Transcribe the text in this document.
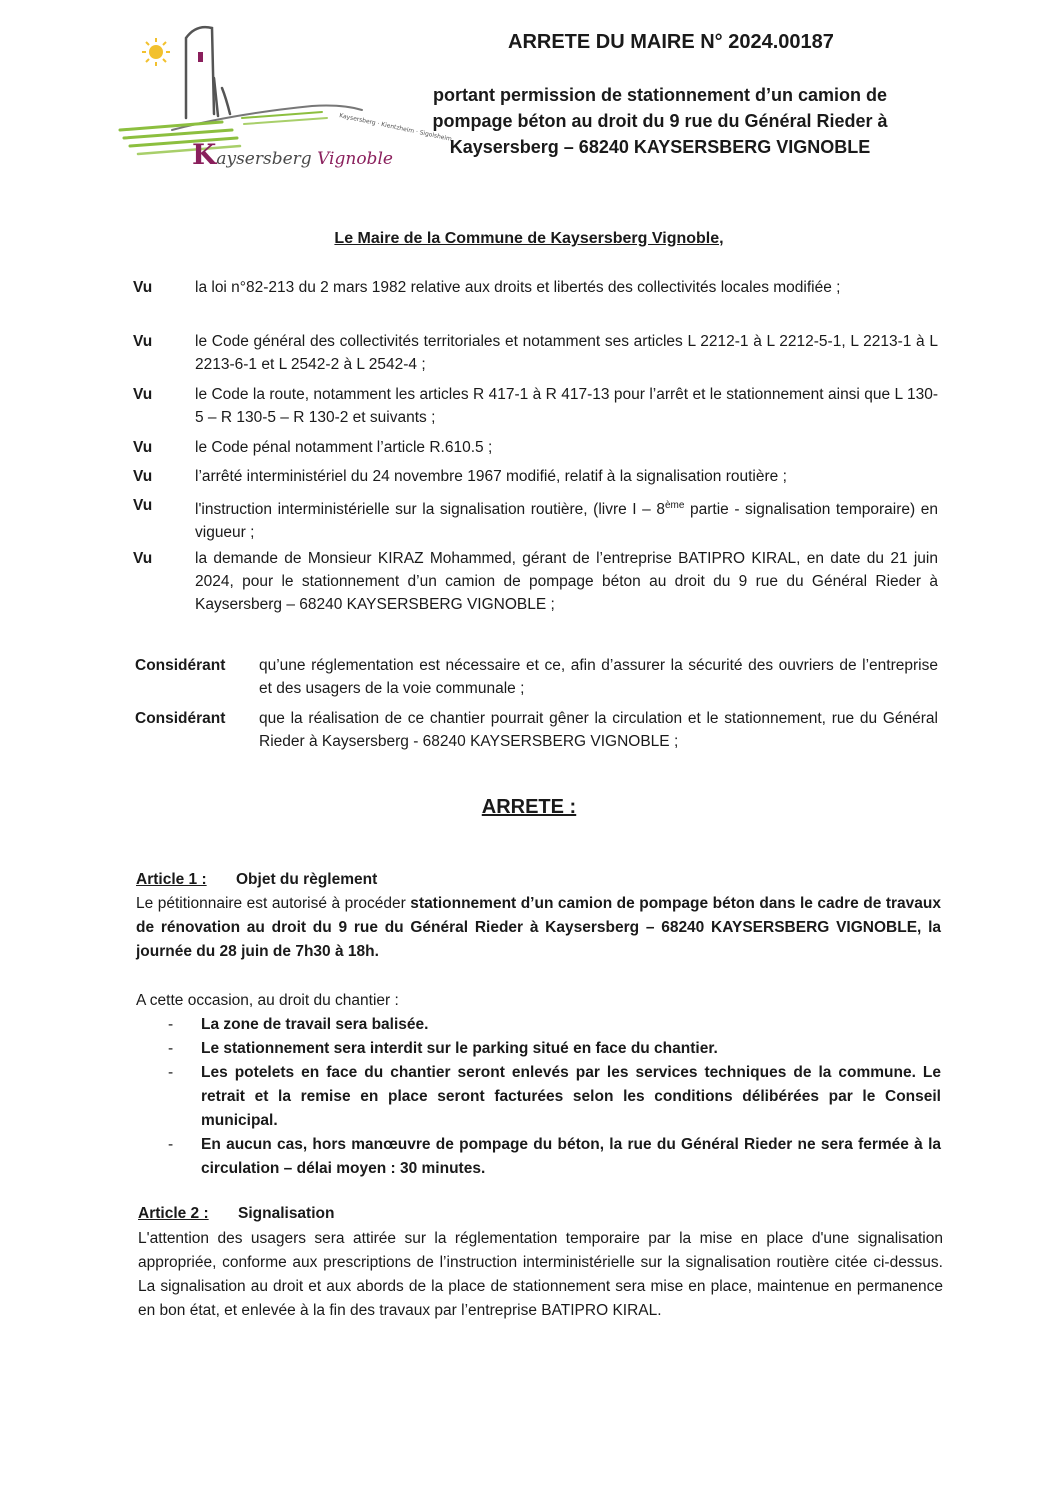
Kaysersberg · Kientzheim · Sigolsheim
Kaysersberg Vignoble
ARRETE DU MAIRE N° 2024.00187
portant permission de stationnement d’un camion de
pompage béton au droit du 9 rue du Général Rieder à
Kaysersberg – 68240 KAYSERSBERG VIGNOBLE
Le Maire de la Commune de Kaysersberg Vignoble,
Vu	la loi n°82-213 du 2 mars 1982 relative aux droits et libertés des collectivités locales modifiée ;
Vu	le Code général des collectivités territoriales et notamment ses articles L 2212-1 à L 2212-5-1, L 2213-1 à L 2213-6-1 et L 2542-2 à L 2542-4 ;
Vu	le Code la route, notamment les articles R 417-1 à R 417-13 pour l’arrêt et le stationnement ainsi que L 130-5 – R 130-5 – R 130-2 et suivants ;
Vu	le Code pénal notamment l’article R.610.5 ;
Vu	l’arrêté interministériel du 24 novembre 1967 modifié, relatif à la signalisation routière ;
Vu	l'instruction interministérielle sur la signalisation routière, (livre I – 8ème partie - signalisation temporaire) en vigueur ;
Vu	la demande de Monsieur KIRAZ Mohammed, gérant de l’entreprise BATIPRO KIRAL, en date du 21 juin 2024, pour le stationnement d’un camion de pompage béton au droit du 9 rue du Général Rieder à Kaysersberg – 68240 KAYSERSBERG VIGNOBLE ;
Considérant qu’une réglementation est nécessaire et ce, afin d’assurer la sécurité des ouvriers de l’entreprise et des usagers de la voie communale ;
Considérant que la réalisation de ce chantier pourrait gêner la circulation et le stationnement, rue du Général Rieder à Kaysersberg - 68240 KAYSERSBERG VIGNOBLE ;
ARRETE :
Article 1 : Objet du règlement
Le pétitionnaire est autorisé à procéder stationnement d’un camion de pompage béton dans le cadre de travaux de rénovation au droit du 9 rue du Général Rieder à Kaysersberg – 68240 KAYSERSBERG VIGNOBLE, la journée du 28 juin de 7h30 à 18h.
A cette occasion, au droit du chantier :
- La zone de travail sera balisée.
- Le stationnement sera interdit sur le parking situé en face du chantier.
- Les potelets en face du chantier seront enlevés par les services techniques de la commune. Le retrait et la remise en place seront facturées selon les conditions délibérées par le Conseil municipal.
- En aucun cas, hors manœuvre de pompage du béton, la rue du Général Rieder ne sera fermée à la circulation – délai moyen : 30 minutes.
Article 2 : Signalisation
L'attention des usagers sera attirée sur la réglementation temporaire par la mise en place d'une signalisation appropriée, conforme aux prescriptions de l’instruction interministérielle sur la signalisation routière citée ci-dessus. La signalisation au droit et aux abords de la place de stationnement sera mise en place, maintenue en permanence en bon état, et enlevée à la fin des travaux par l’entreprise BATIPRO KIRAL.
